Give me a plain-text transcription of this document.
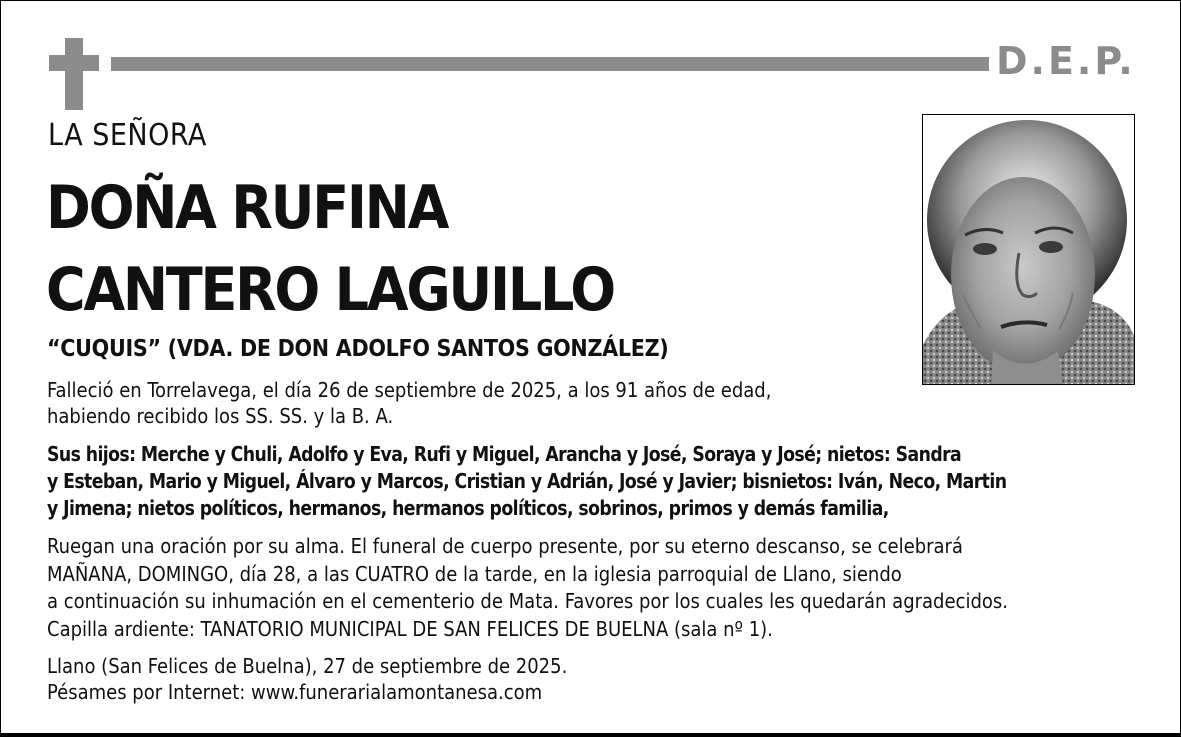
D.E.P.
LA SEÑORA
DOÑA RUFINA
CANTERO LAGUILLO
“CUQUIS” (VDA. DE DON ADOLFO SANTOS GONZÁLEZ)
Falleció en Torrelavega, el día 26 de septiembre de 2025, a los 91 años de edad,
habiendo recibido los SS. SS. y la B. A.
Sus hijos: Merche y Chuli, Adolfo y Eva, Rufi y Miguel, Arancha y José, Soraya y José; nietos: Sandra
y Esteban, Mario y Miguel, Álvaro y Marcos, Cristian y Adrián, José y Javier; bisnietos: Iván, Neco, Martin
y Jimena; nietos políticos, hermanos, hermanos políticos, sobrinos, primos y demás familia,
Ruegan una oración por su alma. El funeral de cuerpo presente, por su eterno descanso, se celebrará
MAÑANA, DOMINGO, día 28, a las CUATRO de la tarde, en la iglesia parroquial de Llano, siendo
a continuación su inhumación en el cementerio de Mata. Favores por los cuales les quedarán agradecidos.
Capilla ardiente: TANATORIO MUNICIPAL DE SAN FELICES DE BUELNA (sala nº 1).
Llano (San Felices de Buelna), 27 de septiembre de 2025.
Pésames por Internet: www.funerarialamontanesa.com
